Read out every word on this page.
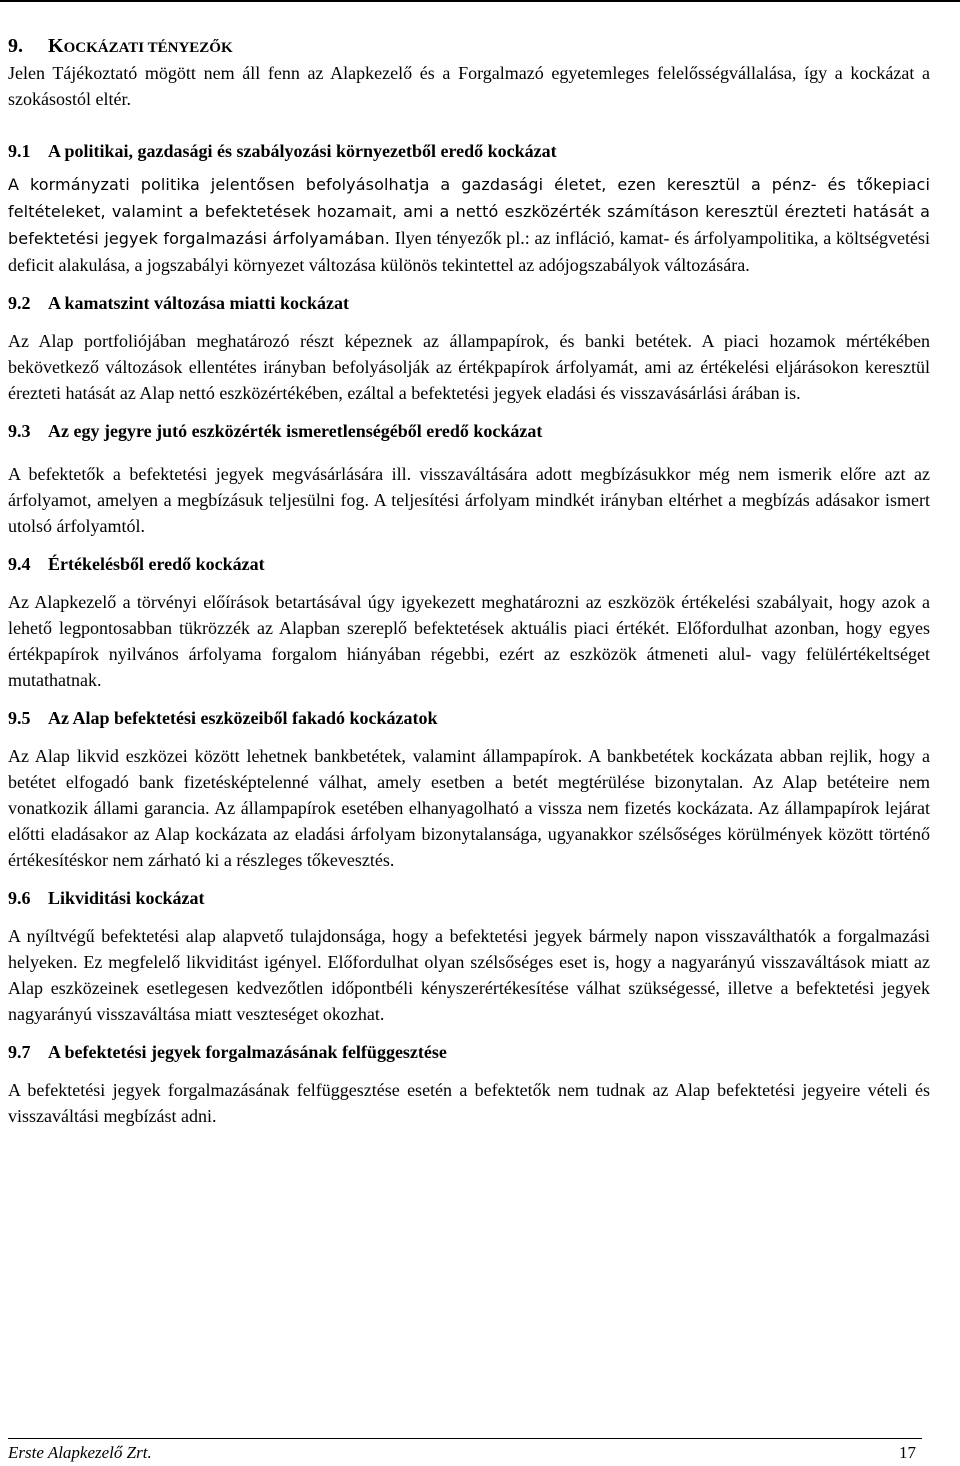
9. KOCKÁZATI TÉNYEZŐK

Jelen Tájékoztató mögött nem áll fenn az Alapkezelő és a Forgalmazó egyetemleges felelősségvállalása, így a kockázat a szokásostól eltér.

9.1 A politikai, gazdasági és szabályozási környezetből eredő kockázat

A kormányzati politika jelentősen befolyásolhatja a gazdasági életet, ezen keresztül a pénz- és tőkepiaci feltételeket, valamint a befektetések hozamait, ami a nettó eszközérték számításon keresztül érezteti hatását a befektetési jegyek forgalmazási árfolyamában. Ilyen tényezők pl.: az infláció, kamat- és árfolyampolitika, a költségvetési deficit alakulása, a jogszabályi környezet változása különös tekintettel az adójogszabályok változására.

9.2 A kamatszint változása miatti kockázat

Az Alap portfoliójában meghatározó részt képeznek az állampapírok, és banki betétek. A piaci hozamok mértékében bekövetkező változások ellentétes irányban befolyásolják az értékpapírok árfolyamát, ami az értékelési eljárásokon keresztül érezteti hatását az Alap nettó eszközértékében, ezáltal a befektetési jegyek eladási és visszavásárlási árában is.

9.3 Az egy jegyre jutó eszközérték ismeretlenségéből eredő kockázat

A befektetők a befektetési jegyek megvásárlására ill. visszaváltására adott megbízásukkor még nem ismerik előre azt az árfolyamot, amelyen a megbízásuk teljesülni fog. A teljesítési árfolyam mindkét irányban eltérhet a megbízás adásakor ismert utolsó árfolyamtól.

9.4 Értékelésből eredő kockázat

Az Alapkezelő a törvényi előírások betartásával úgy igyekezett meghatározni az eszközök értékelési szabályait, hogy azok a lehető legpontosabban tükrözzék az Alapban szereplő befektetések aktuális piaci értékét. Előfordulhat azonban, hogy egyes értékpapírok nyilvános árfolyama forgalom hiányában régebbi, ezért az eszközök átmeneti alul- vagy felülértékeltséget mutathatnak.

9.5 Az Alap befektetési eszközeiből fakadó kockázatok

Az Alap likvid eszközei között lehetnek bankbetétek, valamint állampapírok. A bankbetétek kockázata abban rejlik, hogy a betétet elfogadó bank fizetésképtelenné válhat, amely esetben a betét megtérülése bizonytalan. Az Alap betéteire nem vonatkozik állami garancia. Az állampapírok esetében elhanyagolható a vissza nem fizetés kockázata. Az állampapírok lejárat előtti eladásakor az Alap kockázata az eladási árfolyam bizonytalansága, ugyanakkor szélsőséges körülmények között történő értékesítéskor nem zárható ki a részleges tőkevesztés.

9.6 Likviditási kockázat

A nyíltvégű befektetési alap alapvető tulajdonsága, hogy a befektetési jegyek bármely napon visszaválthatók a forgalmazási helyeken. Ez megfelelő likviditást igényel. Előfordulhat olyan szélsőséges eset is, hogy a nagyarányú visszaváltások miatt az Alap eszközeinek esetlegesen kedvezőtlen időpontbéli kényszerértékesítése válhat szükségessé, illetve a befektetési jegyek nagyarányú visszaváltása miatt veszteséget okozhat.

9.7 A befektetési jegyek forgalmazásának felfüggesztése

A befektetési jegyek forgalmazásának felfüggesztése esetén a befektetők nem tudnak az Alap befektetési jegyeire vételi és visszaváltási megbízást adni.

Erste Alapkezelő Zrt.	17
